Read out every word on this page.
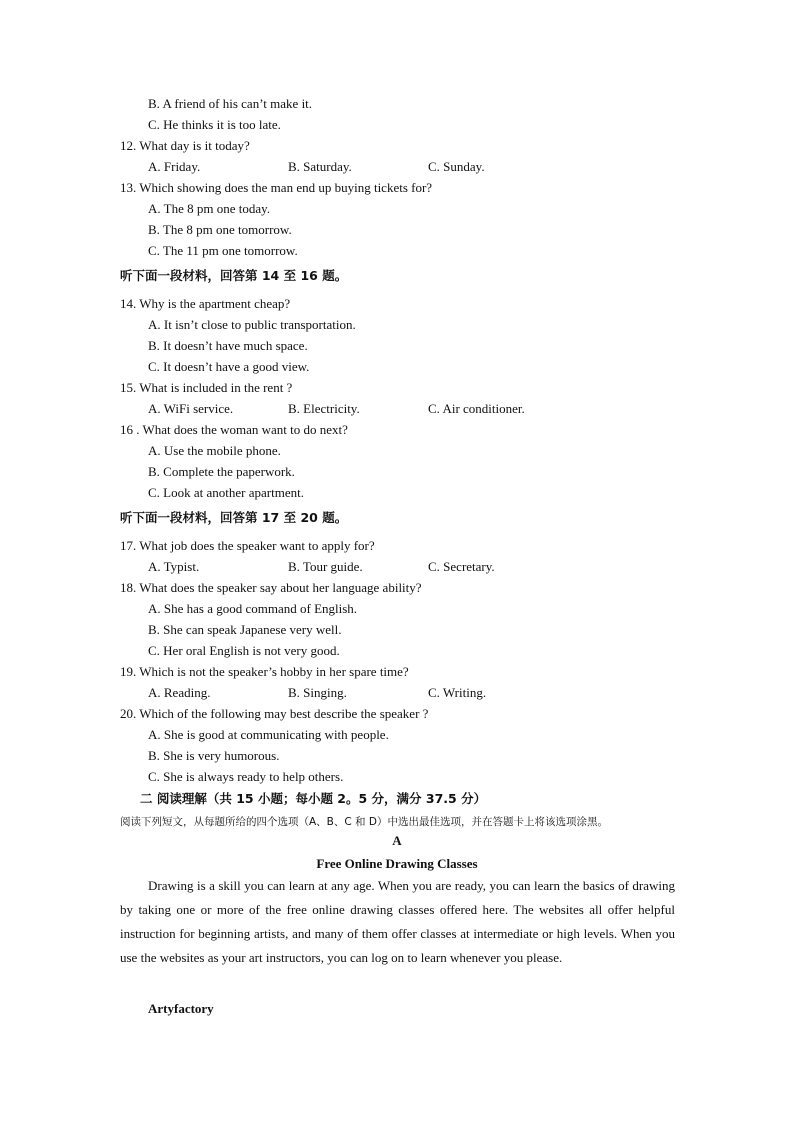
B. A friend of his can’t make it.
C. He thinks it is too late.
12. What day is it today?
A. Friday.	B. Saturday.	C. Sunday.
13. Which showing does the man end up buying tickets for?
A. The 8 pm one today.
B. The 8 pm one tomorrow.
C. The 11 pm one tomorrow.
听下面一段材料，回答第 14 至 16 题。
14. Why is the apartment cheap?
A. It isn’t close to public transportation.
B. It doesn’t have much space.
C. It doesn’t have a good view.
15. What is included in the rent ?
A. WiFi service.	B. Electricity.	C. Air conditioner.
16 . What does the woman want to do next?
A. Use the mobile phone.
B. Complete the paperwork.
C. Look at another apartment.
听下面一段材料，回答第 17 至 20 题。
17. What job does the speaker want to apply for?
A. Typist.	B. Tour guide.	C. Secretary.
18. What does the speaker say about her language ability?
A. She has a good command of English.
B. She can speak Japanese very well.
C. Her oral English is not very good.
19. Which is not the speaker’s hobby in her spare time?
A. Reading.	B. Singing.	C. Writing.
20. Which of the following may best describe the speaker ?
A. She is good at communicating with people.
B. She is very humorous.
C. She is always ready to help others.
二 阅读理解（共 15 小题；每小题 2。5 分，满分 37.5 分）
阅读下列短文，从每题所给的四个选项（A、B、C 和 D）中选出最佳选项，并在答题卡上将该选项涂黑。
A
Free Online Drawing Classes
Drawing is a skill you can learn at any age. When you are ready, you can learn the basics of drawing by taking one or more of the free online drawing classes offered here. The websites all offer helpful instruction for beginning artists, and many of them offer classes at intermediate or high levels. When you use the websites as your art instructors, you can log on to learn whenever you please.
Artyfactory
